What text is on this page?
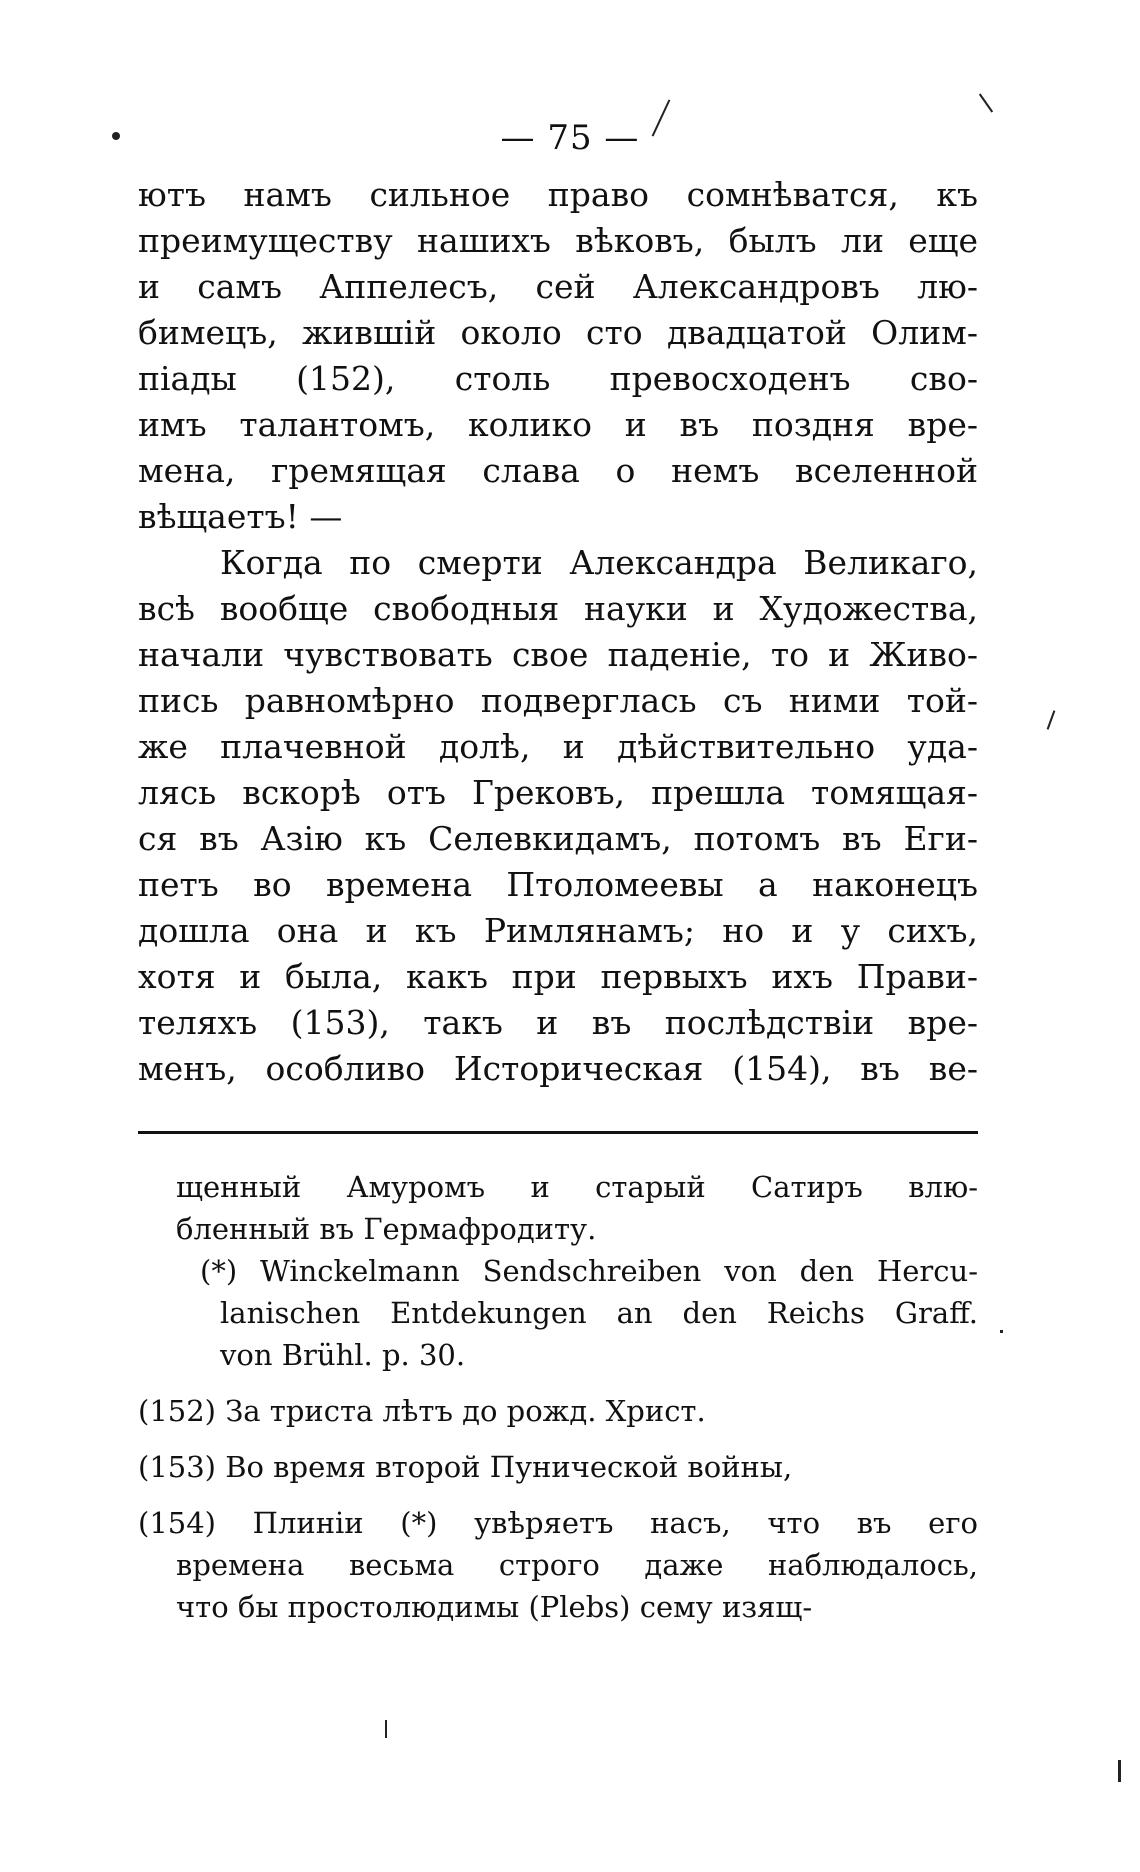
— 75 —
ютъ намъ сильное право сомнѣватся, къ
преимуществу нашихъ вѣковъ, былъ ли еще
и самъ Аппелесъ, сей Александровъ лю-
бимецъ, жившій около сто двадцатой Олим-
піады (152), столь превосходенъ сво-
имъ талантомъ, колико и въ поздня вре-
мена, гремящая слава о немъ вселенной
вѣщаетъ! —
Когда по смерти Александра Великаго,
всѣ вообще свободныя науки и Художества,
начали чувствовать свое паденіе, то и Живо-
пись равномѣрно подверглась съ ними той-
же плачевной долѣ, и дѣйствительно уда-
лясь вскорѣ отъ Грековъ, прешла томящая-
ся въ Азію къ Селевкидамъ, потомъ въ Еги-
петъ во времена Птоломеевы а наконецъ
дошла она и къ Римлянамъ; но и у сихъ,
хотя и была, какъ при первыхъ ихъ Прави-
теляхъ (153), такъ и въ послѣдствіи вре-
менъ, особливо Историческая (154), въ ве-
щенный Амуромъ и старый Сатиръ влю-
бленный въ Гермафродиту.
(*) Winckelmann Sendschreiben von den Hercu-
lanischen Entdekungen an den Reichs Graff.
von Brühl. p. 30.
(152) За триста лѣтъ до рожд. Христ.
(153) Во время второй Пунической войны,
(154) Плиніи (*) увѣряетъ насъ, что въ его
времена весьма строго даже наблюдалось,
что бы простолюдимы (Plebs) сему изящ-
